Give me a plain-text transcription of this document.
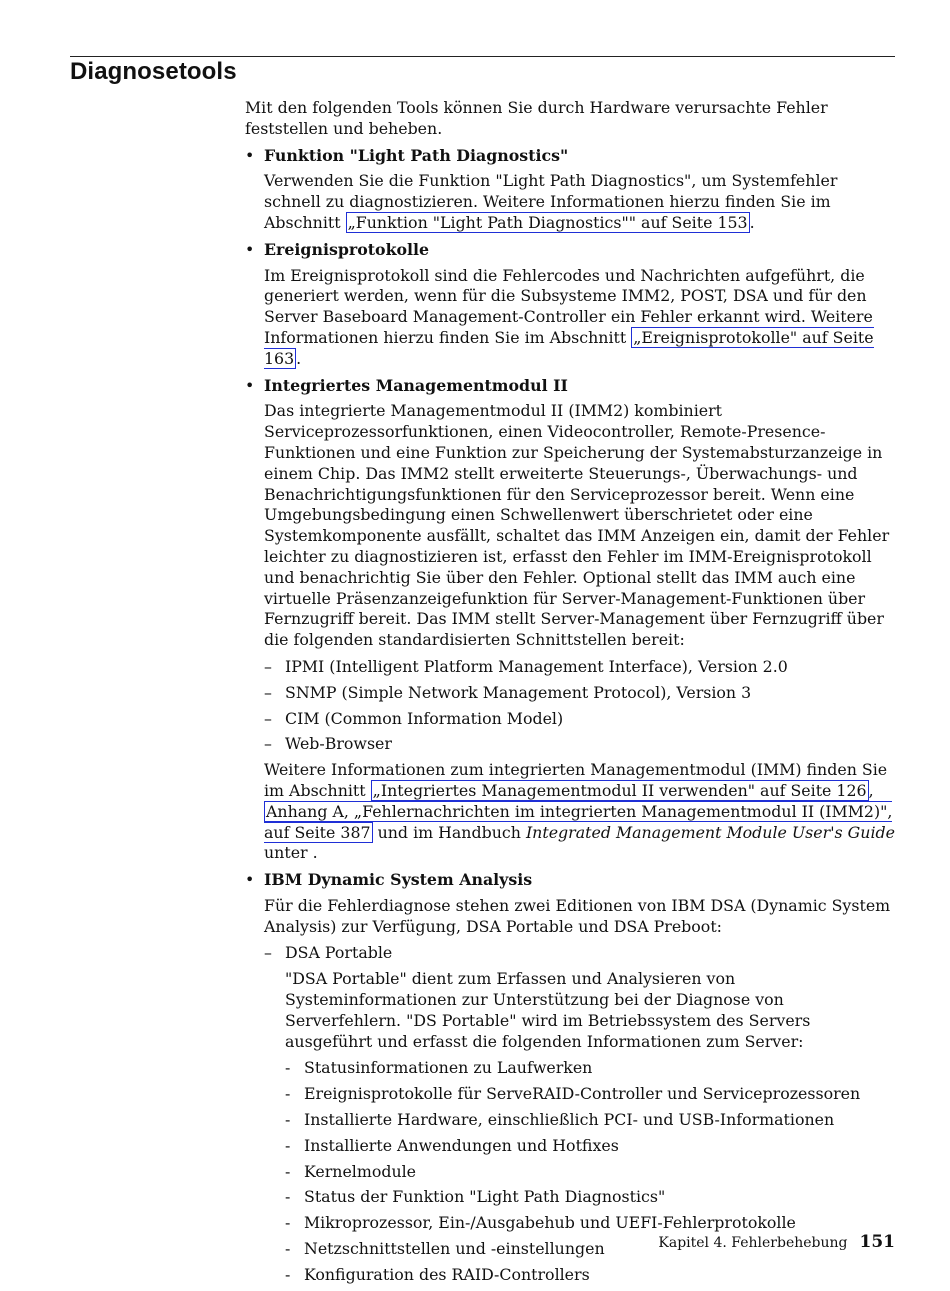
Diagnosetools

Mit den folgenden Tools können Sie durch Hardware verursachte Fehler feststellen und beheben.

• Funktion "Light Path Diagnostics"

Verwenden Sie die Funktion "Light Path Diagnostics", um Systemfehler schnell zu diagnostizieren. Weitere Informationen hierzu finden Sie im Abschnitt „Funktion "Light Path Diagnostics"" auf Seite 153 .

• Ereignisprotokolle

Im Ereignisprotokoll sind die Fehlercodes und Nachrichten aufgeführt, die generiert werden, wenn für die Subsysteme IMM2, POST, DSA und für den Server Baseboard Management-Controller ein Fehler erkannt wird. Weitere Informationen hierzu finden Sie im Abschnitt „Ereignisprotokolle" auf Seite 163 .

• Integriertes Managementmodul II

Das integrierte Managementmodul II (IMM2) kombiniert Serviceprozessorfunktionen, einen Videocontroller, Remote-Presence-Funktionen und eine Funktion zur Speicherung der Systemabsturzanzeige in einem Chip. Das IMM2 stellt erweiterte Steuerungs-, Überwachungs- und Benachrichtigungsfunktionen für den Serviceprozessor bereit. Wenn eine Umgebungsbedingung einen Schwellenwert überschrietet oder eine Systemkomponente ausfällt, schaltet das IMM Anzeigen ein, damit der Fehler leichter zu diagnostizieren ist, erfasst den Fehler im IMM-Ereignisprotokoll und benachrichtig Sie über den Fehler. Optional stellt das IMM auch eine virtuelle Präsenzanzeigefunktion für Server-Management-Funktionen über Fernzugriff bereit. Das IMM stellt Server-Management über Fernzugriff über die folgenden standardisierten Schnittstellen bereit:

– IPMI (Intelligent Platform Management Interface), Version 2.0
– SNMP (Simple Network Management Protocol), Version 3
– CIM (Common Information Model)
– Web-Browser

Weitere Informationen zum integrierten Managementmodul (IMM) finden Sie im Abschnitt „Integriertes Managementmodul II verwenden" auf Seite 126 , Anhang A, „Fehlernachrichten im integrierten Managementmodul II (IMM2)", auf Seite 387 und im Handbuch Integrated Management Module User's Guide unter .

• IBM Dynamic System Analysis

Für die Fehlerdiagnose stehen zwei Editionen von IBM DSA (Dynamic System Analysis) zur Verfügung, DSA Portable und DSA Preboot:

– DSA Portable

"DSA Portable" dient zum Erfassen und Analysieren von Systeminformationen zur Unterstützung bei der Diagnose von Serverfehlern. "DS Portable" wird im Betriebssystem des Servers ausgeführt und erfasst die folgenden Informationen zum Server:

- Statusinformationen zu Laufwerken
- Ereignisprotokolle für ServeRAID-Controller und Serviceprozessoren
- Installierte Hardware, einschließlich PCI- und USB-Informationen
- Installierte Anwendungen und Hotfixes
- Kernelmodule
- Status der Funktion "Light Path Diagnostics"
- Mikroprozessor, Ein-/Ausgabehub und UEFI-Fehlerprotokolle
- Netzschnittstellen und -einstellungen
- Konfiguration des RAID-Controllers
Kapitel 4. Fehlerbehebung 151
